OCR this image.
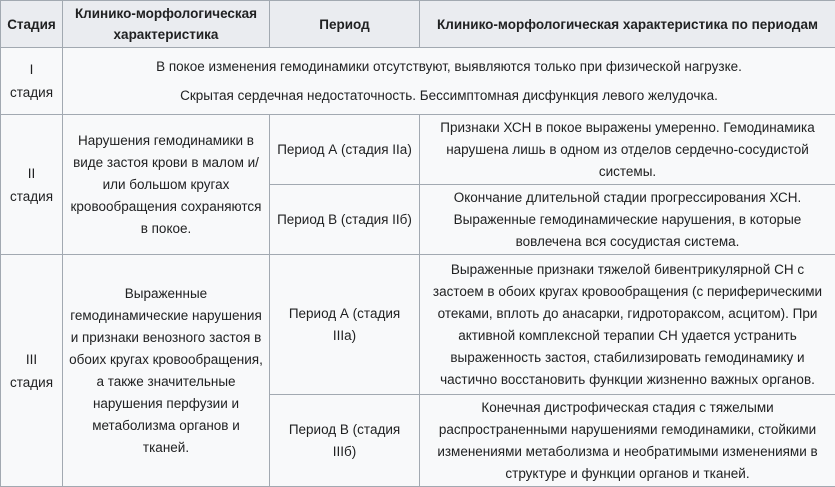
Стадия	Клинико-морфологическая характеристика	Период	Клинико-морфологическая характеристика по периодам
I стадия	В покое изменения гемодинамики отсутствуют, выявляются только при физической нагрузке.

Скрытая сердечная недостаточность. Бессимптомная дисфункция левого желудочка.		

II стадия	Нарушения гемодинамики в виде застоя крови в малом и/или большом кругах кровообращения сохраняются в покое.	Период А (стадия IIа)	Признаки ХСН в покое выражены умеренно. Гемодинамика нарушена лишь в одном из отделов сердечно-сосудистой системы.
		Период B (стадия IIб)	Окончание длительной стадии прогрессирования ХСН. Выраженные гемодинамические нарушения, в которые вовлечена вся сосудистая система.
III стадия	Выраженные гемодинамические нарушения и признаки венозного застоя в обоих кругах кровообращения, а также значительные нарушения перфузии и метаболизма органов и тканей.	Период А (стадия IIIа)	Выраженные признаки тяжелой бивентрикулярной СН с застоем в обоих кругах кровообращения (с периферическими отеками, вплоть до анасарки, гидротораксом, асцитом). При активной комплексной терапии СН удается устранить выраженность застоя, стабилизировать гемодинамику и частично восстановить функции жизненно важных органов.
		Период B (стадия IIIб)	Конечная дистрофическая стадия с тяжелыми распространенными нарушениями гемодинамики, стойкими изменениями метаболизма и необратимыми изменениями в структуре и функции органов и тканей.
